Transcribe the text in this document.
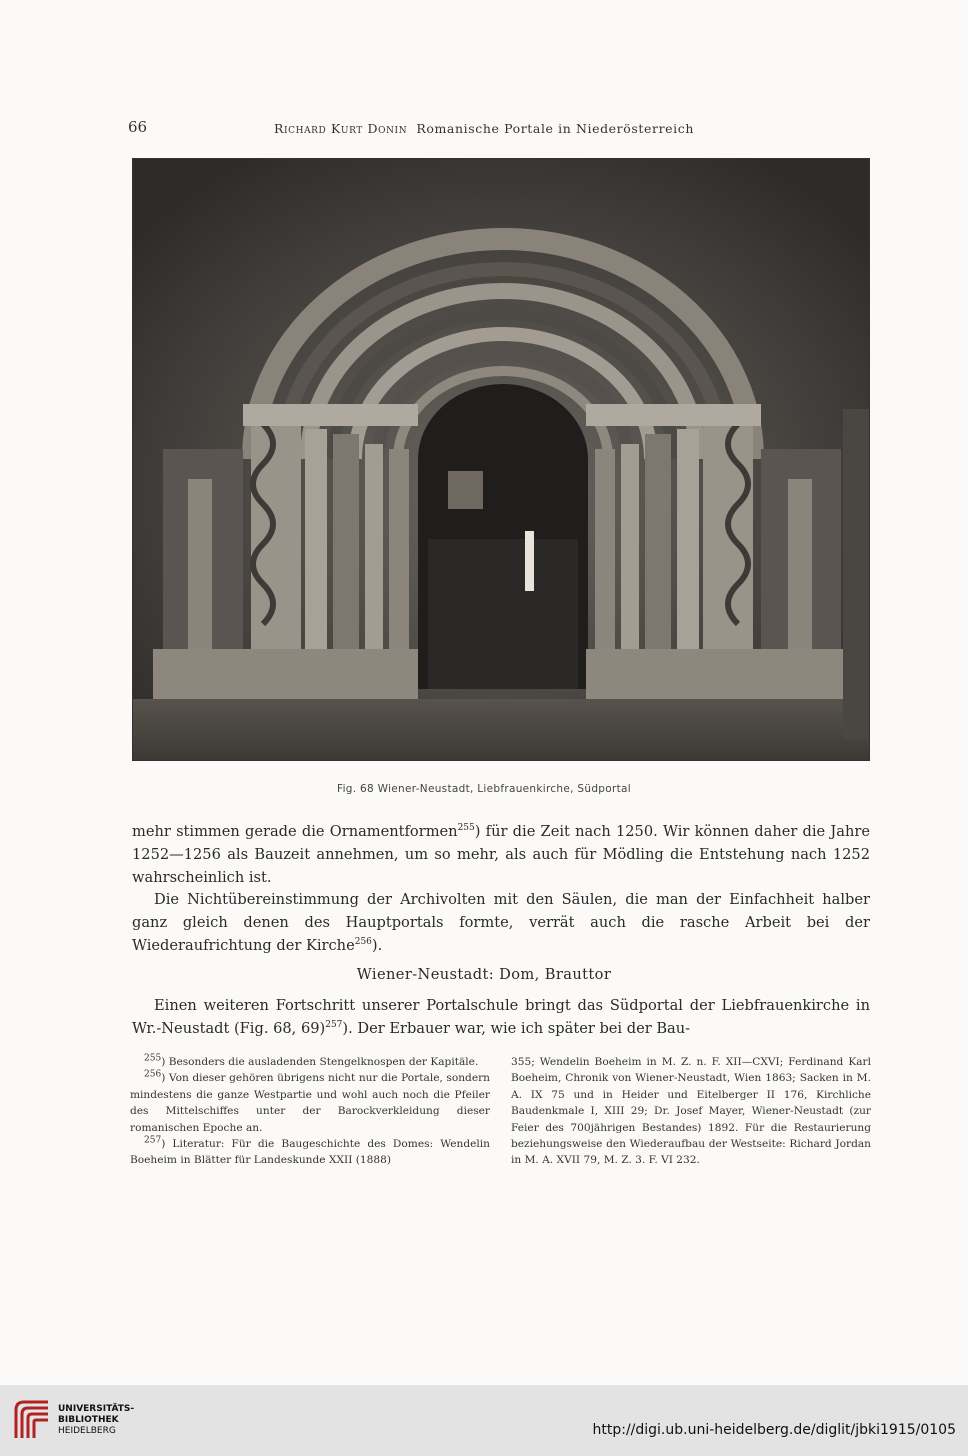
66	Richard Kurt Donin Romanische Portale in Niederösterreich
Fig. 68 Wiener-Neustadt, Liebfrauenkirche, Südportal

mehr stimmen gerade die Ornamentformen$^{255}$) für die Zeit nach 1250. Wir können daher die Jahre 1252—1256 als Bauzeit annehmen, um so mehr, als auch für Mödling die Entstehung nach 1252 wahrscheinlich ist.

Die Nichtübereinstimmung der Archivolten mit den Säulen, die man der Einfachheit halber ganz gleich denen des Hauptportals formte, verrät auch die rasche Arbeit bei der Wiederaufrichtung der Kirche$^{256}$).

Wiener-Neustadt: Dom, Brauttor

Einen weiteren Fortschritt unserer Portalschule bringt das Südportal der Liebfrauenkirche in Wr.-Neustadt (Fig. 68, 69)$^{257}$). Der Erbauer war, wie ich später bei der Bau-

$^{255}$) Besonders die ausladenden Stengelknospen der Kapitäle.

$^{256}$) Von dieser gehören übrigens nicht nur die Portale, sondern mindestens die ganze Westpartie und wohl auch noch die Pfeiler des Mittelschiffes unter der Barockverkleidung dieser romanischen Epoche an.

$^{257}$) Literatur: Für die Baugeschichte des Domes: Wendelin Boeheim in Blätter für Landeskunde XXII (1888)

355; Wendelin Boeheim in M. Z. n. F. XII—CXVI; Ferdinand Karl Boeheim, Chronik von Wiener-Neustadt, Wien 1863; Sacken in M. A. IX 75 und in Heider und Eitelberger II 176, Kirchliche Baudenkmale I, XIII 29; Dr. Josef Mayer, Wiener-Neustadt (zur Feier des 700jährigen Bestandes) 1892. Für die Restaurierung beziehungsweise den Wiederaufbau der Westseite: Richard Jordan in M. A. XVII 79, M. Z. 3. F. VI 232.

UNIVERSITÄTS-
BIBLIOTHEK
HEIDELBERG	http://digi.ub.uni-heidelberg.de/diglit/jbki1915/0105
